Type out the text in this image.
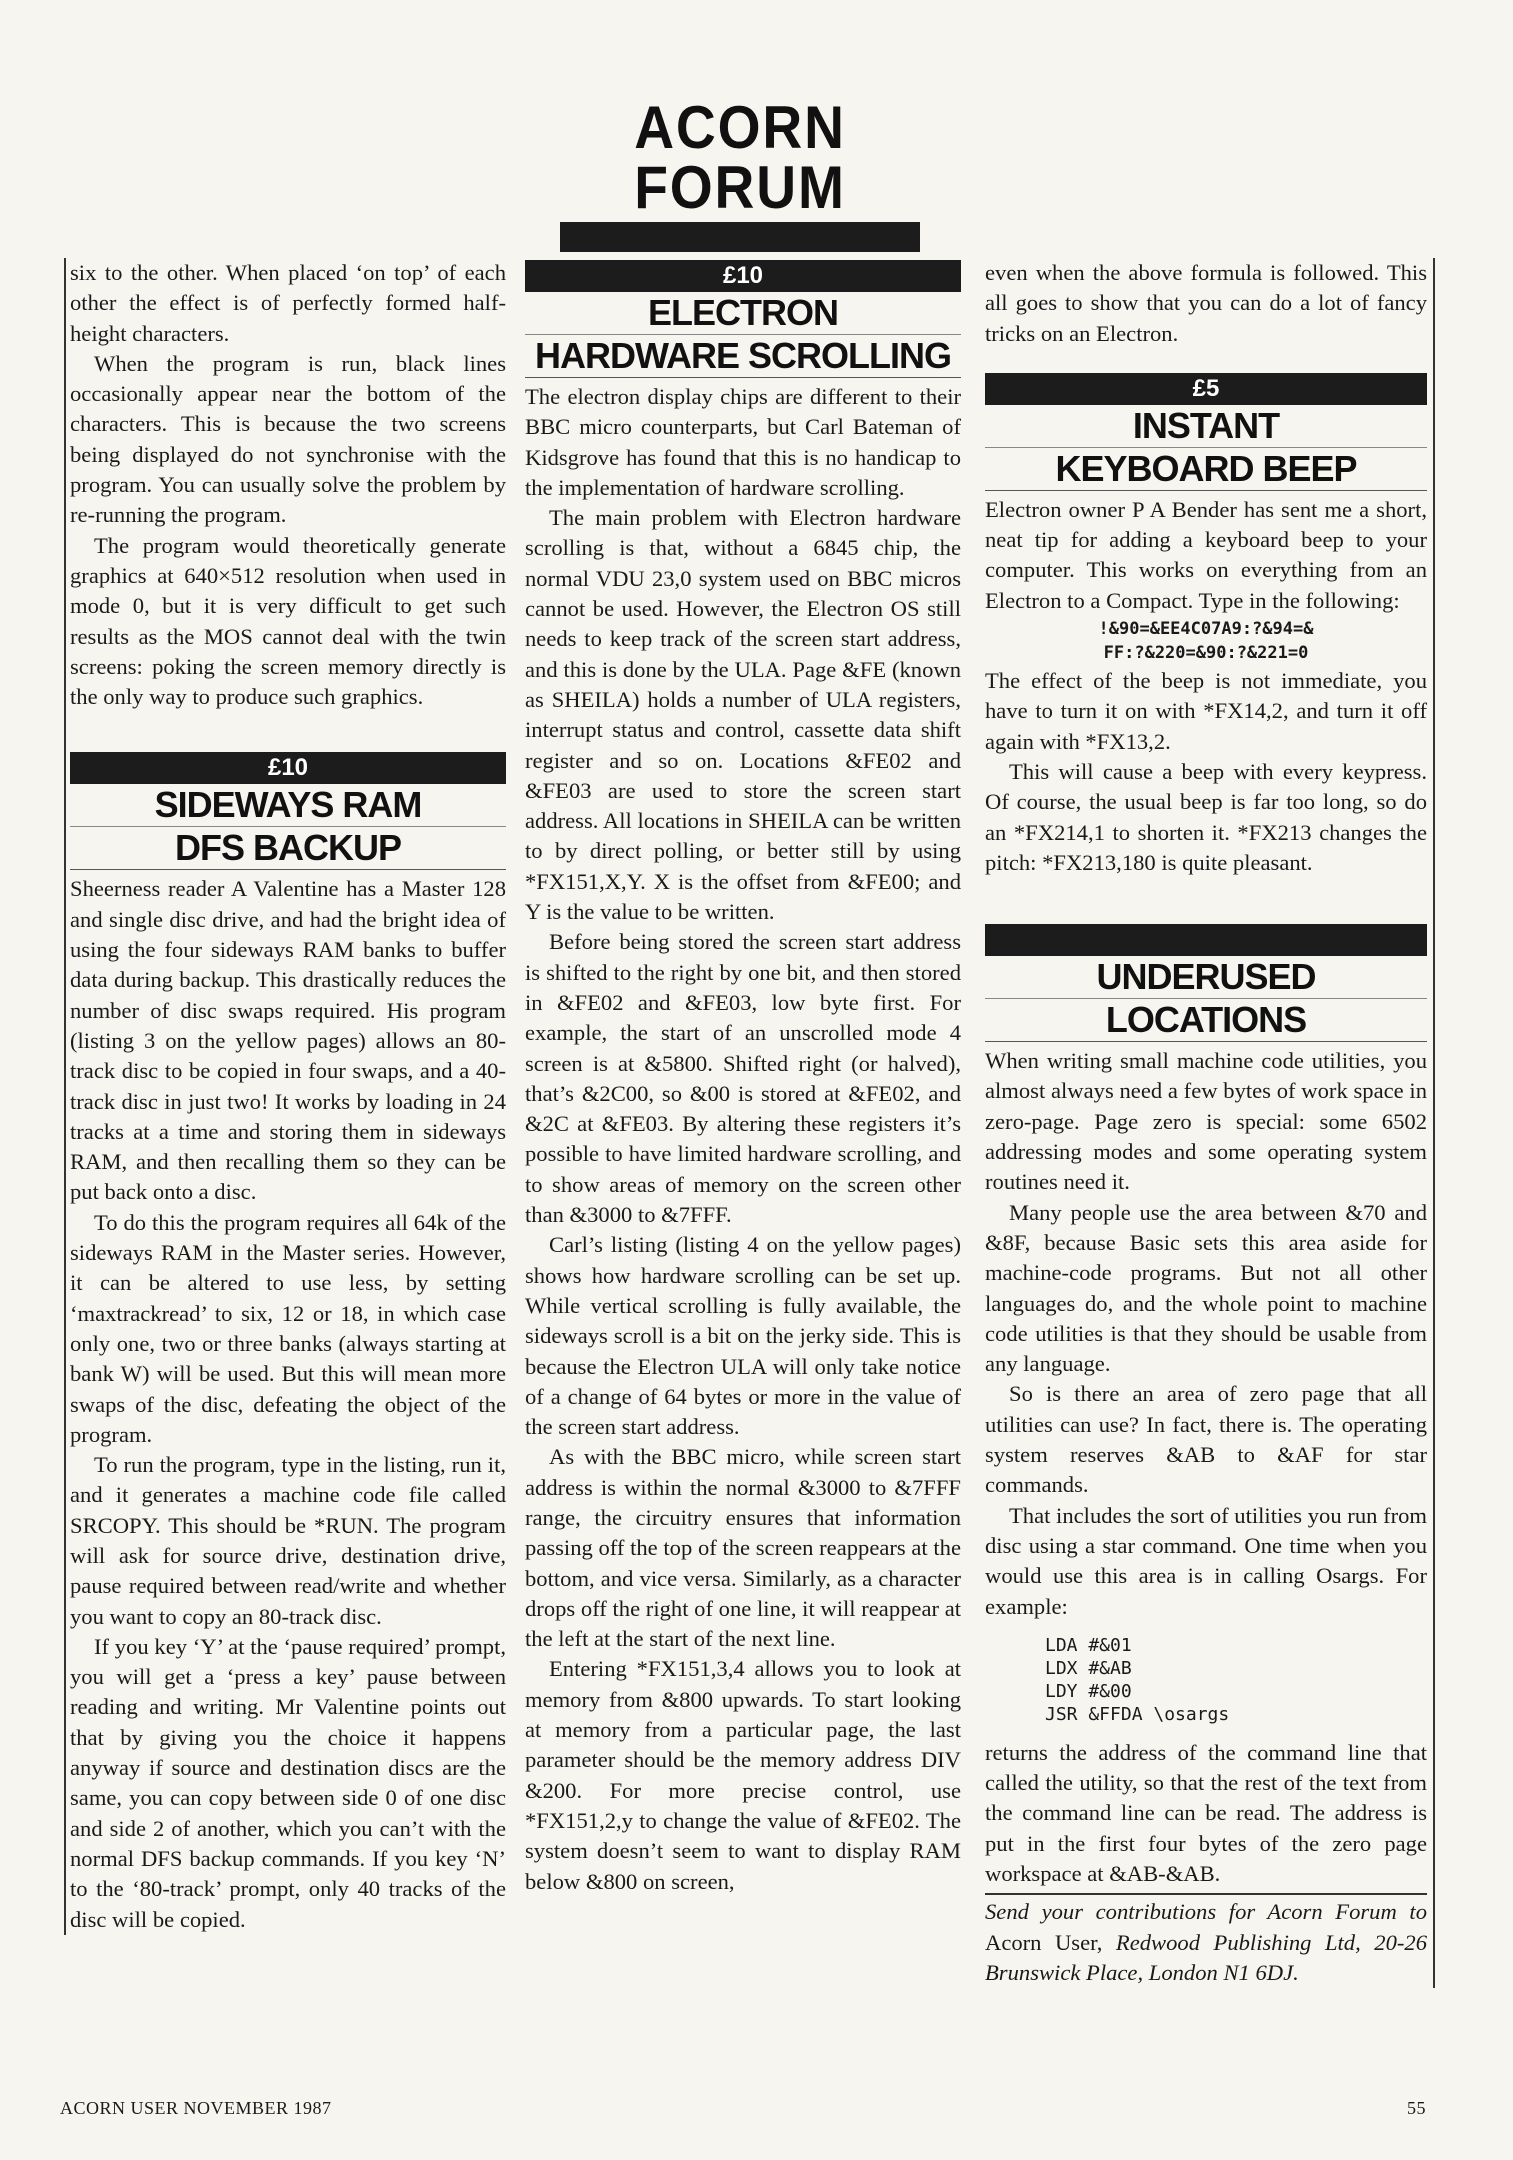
ACORN FORUM

six to the other. When placed ‘on top’ of each other the effect is of perfectly formed half-height characters.

When the program is run, black lines occasionally appear near the bottom of the characters. This is because the two screens being displayed do not synchronise with the program. You can usually solve the problem by re-running the program.

The program would theoretically generate graphics at 640×512 resolution when used in mode 0, but it is very difficult to get such results as the MOS cannot deal with the twin screens: poking the screen memory directly is the only way to produce such graphics.

£10
SIDEWAYS RAM
DFS BACKUP

Sheerness reader A Valentine has a Master 128 and single disc drive, and had the bright idea of using the four sideways RAM banks to buffer data during backup. This drastically reduces the number of disc swaps required. His program (listing 3 on the yellow pages) allows an 80-track disc to be copied in four swaps, and a 40-track disc in just two! It works by loading in 24 tracks at a time and storing them in sideways RAM, and then recalling them so they can be put back onto a disc.

To do this the program requires all 64k of the sideways RAM in the Master series. However, it can be altered to use less, by setting ‘maxtrackread’ to six, 12 or 18, in which case only one, two or three banks (always starting at bank W) will be used. But this will mean more swaps of the disc, defeating the object of the program.

To run the program, type in the listing, run it, and it generates a machine code file called SRCOPY. This should be *RUN. The program will ask for source drive, destination drive, pause required between read/write and whether you want to copy an 80-track disc.

If you key ‘Y’ at the ‘pause required’ prompt, you will get a ‘press a key’ pause between reading and writing. Mr Valentine points out that by giving you the choice it happens anyway if source and destination discs are the same, you can copy between side 0 of one disc and side 2 of another, which you can’t with the normal DFS backup commands. If you key ‘N’ to the ‘80-track’ prompt, only 40 tracks of the disc will be copied.

£10
ELECTRON
HARDWARE SCROLLING

The electron display chips are different to their BBC micro counterparts, but Carl Bateman of Kidsgrove has found that this is no handicap to the implementation of hardware scrolling.

The main problem with Electron hardware scrolling is that, without a 6845 chip, the normal VDU 23,0 system used on BBC micros cannot be used. However, the Electron OS still needs to keep track of the screen start address, and this is done by the ULA. Page &FE (known as SHEILA) holds a number of ULA registers, interrupt status and control, cassette data shift register and so on. Locations &FE02 and &FE03 are used to store the screen start address. All locations in SHEILA can be written to by direct polling, or better still by using *FX151,X,Y. X is the offset from &FE00; and Y is the value to be written.

Before being stored the screen start address is shifted to the right by one bit, and then stored in &FE02 and &FE03, low byte first. For example, the start of an unscrolled mode 4 screen is at &5800. Shifted right (or halved), that’s &2C00, so &00 is stored at &FE02, and &2C at &FE03. By altering these registers it’s possible to have limited hardware scrolling, and to show areas of memory on the screen other than &3000 to &7FFF.

Carl’s listing (listing 4 on the yellow pages) shows how hardware scrolling can be set up. While vertical scrolling is fully available, the sideways scroll is a bit on the jerky side. This is because the Electron ULA will only take notice of a change of 64 bytes or more in the value of the screen start address.

As with the BBC micro, while screen start address is within the normal &3000 to &7FFF range, the circuitry ensures that information passing off the top of the screen reappears at the bottom, and vice versa. Similarly, as a character drops off the right of one line, it will reappear at the left at the start of the next line.

Entering *FX151,3,4 allows you to look at memory from &800 upwards. To start looking at memory from a particular page, the last parameter should be the memory address DIV &200. For more precise control, use *FX151,2,y to change the value of &FE02. The system doesn’t seem to want to display RAM below &800 on screen,

even when the above formula is followed. This all goes to show that you can do a lot of fancy tricks on an Electron.

£5
INSTANT
KEYBOARD BEEP

Electron owner P A Bender has sent me a short, neat tip for adding a keyboard beep to your computer. This works on everything from an Electron to a Compact. Type in the following:

!&90=&EE4C07A9:?&94=&
FF:?&220=&90:?&221=0

The effect of the beep is not immediate, you have to turn it on with *FX14,2, and turn it off again with *FX13,2.

This will cause a beep with every keypress. Of course, the usual beep is far too long, so do an *FX214,1 to shorten it. *FX213 changes the pitch: *FX213,180 is quite pleasant.

UNDERUSED
LOCATIONS

When writing small machine code utilities, you almost always need a few bytes of work space in zero-page. Page zero is special: some 6502 addressing modes and some operating system routines need it.

Many people use the area between &70 and &8F, because Basic sets this area aside for machine-code programs. But not all other languages do, and the whole point to machine code utilities is that they should be usable from any language.

So is there an area of zero page that all utilities can use? In fact, there is. The operating system reserves &AB to &AF for star commands.

That includes the sort of utilities you run from disc using a star command. One time when you would use this area is in calling Osargs. For example:

LDA #&01
LDX #&AB
LDY #&00
JSR &FFDA \osargs

returns the address of the command line that called the utility, so that the rest of the text from the command line can be read. The address is put in the first four bytes of the zero page workspace at &AB-&AB.

Send your contributions for Acorn Forum to Acorn User, Redwood Publishing Ltd, 20-26 Brunswick Place, London N1 6DJ.
ACORN USER NOVEMBER 1987	55
